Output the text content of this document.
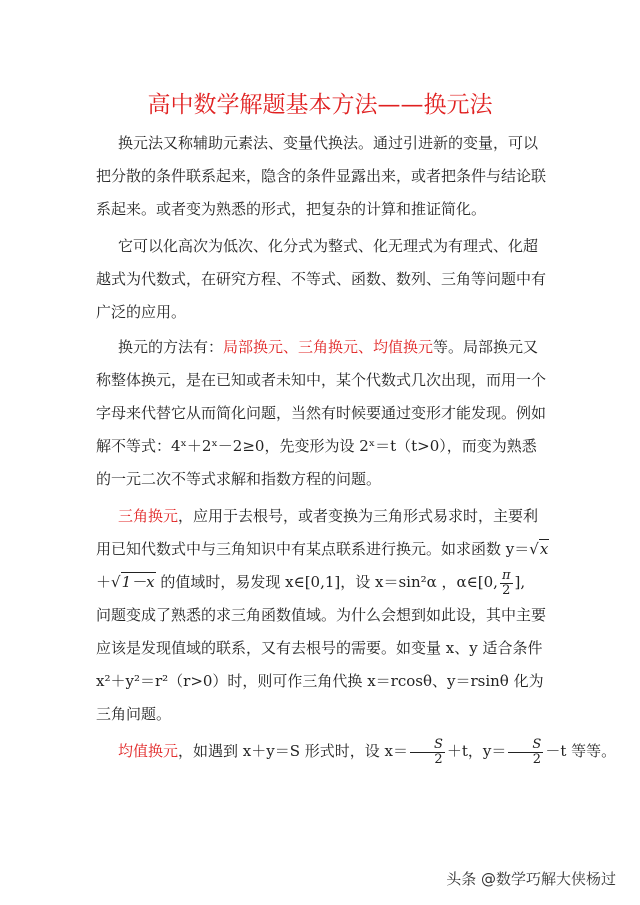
高中数学解题基本方法——换元法
换元法又称辅助元素法、变量代换法。通过引进新的变量，可以
把分散的条件联系起来，隐含的条件显露出来，或者把条件与结论联
系起来。或者变为熟悉的形式，把复杂的计算和推证简化。
它可以化高次为低次、化分式为整式、化无理式为有理式、化超
越式为代数式，在研究方程、不等式、函数、数列、三角等问题中有
广泛的应用。
换元的方法有：局部换元、三角换元、均值换元等。局部换元又
称整体换元，是在已知或者未知中，某个代数式几次出现，而用一个
字母来代替它从而简化问题，当然有时候要通过变形才能发现。例如
解不等式：4ˣ＋2ˣ－2≥0，先变形为设 2ˣ＝t（t>0），而变为熟悉
的一元二次不等式求解和指数方程的问题。
三角换元，应用于去根号，或者变换为三角形式易求时，主要利
用已知代数式中与三角知识中有某点联系进行换元。如求函数 y＝√x
＋√1－x 的值域时，易发现 x∈[0,1]，设 x＝sin²α ，α∈[0, $\frac{\pi}{2}$ ],
问题变成了熟悉的求三角函数值域。为什么会想到如此设，其中主要
应该是发现值域的联系，又有去根号的需要。如变量 x、y 适合条件
x²＋y²＝r²（r>0）时，则可作三角代换 x＝rcosθ、y＝rsinθ 化为
三角问题。
均值换元，如遇到 x＋y＝S 形式时，设 $x= \frac{S}{2} +t$，$y= \frac{S}{2} -t$ 等等。
头条 @数学巧解大侠杨过
